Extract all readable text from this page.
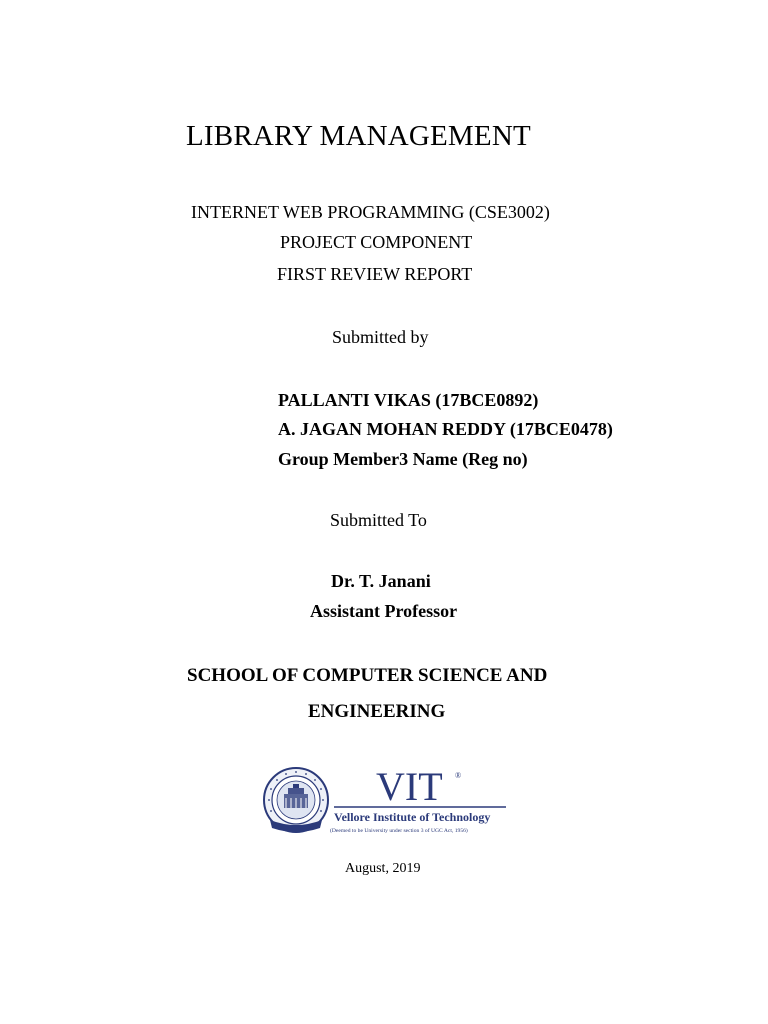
LIBRARY MANAGEMENT
INTERNET WEB PROGRAMMING (CSE3002)
PROJECT COMPONENT
FIRST REVIEW REPORT
Submitted by
PALLANTI VIKAS (17BCE0892)
A. JAGAN MOHAN REDDY (17BCE0478)
Group Member3 Name (Reg no)
Submitted To
Dr. T. Janani
Assistant Professor
SCHOOL OF COMPUTER SCIENCE AND
ENGINEERING
VIT ®
Vellore Institute of Technology
(Deemed to be University under section 3 of UGC Act, 1956)
August, 2019
